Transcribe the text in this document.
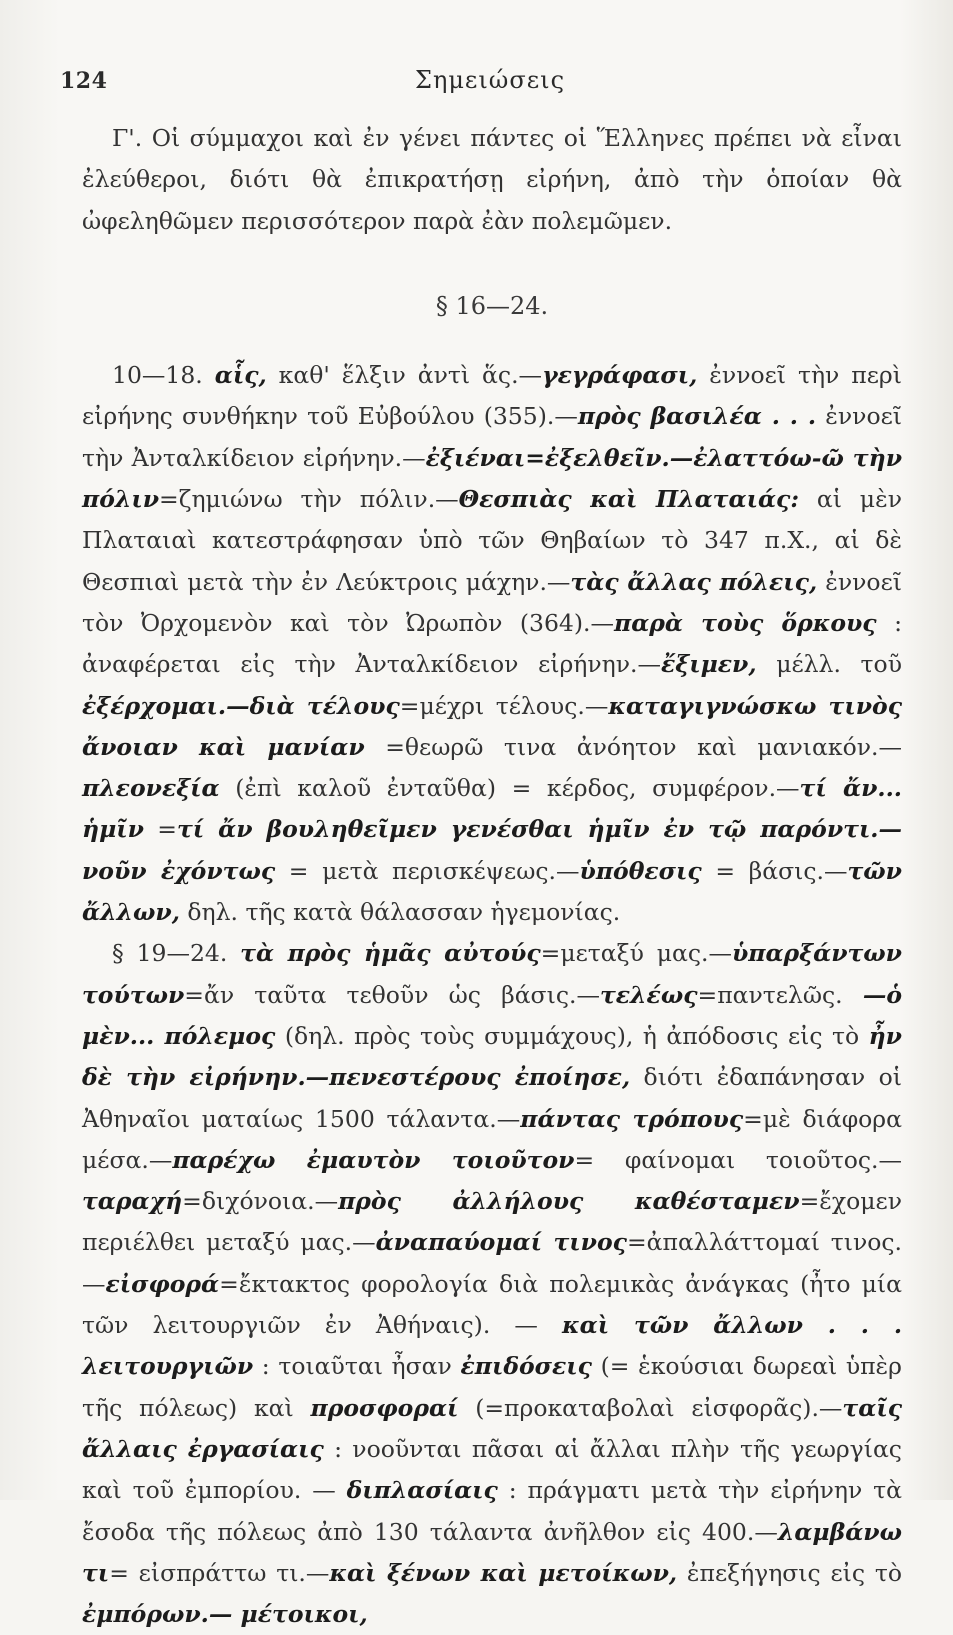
124	Σημειώσεις

Γ'. Οἱ σύμμαχοι καὶ ἐν γένει πάντες οἱ Ἕλληνες πρέπει νὰ εἶναι ἐλεύθεροι, διότι θὰ ἐπικρατήσῃ εἰρήνη, ἀπὸ τὴν ὁποίαν θὰ ὠφεληθῶμεν περισσότερον παρὰ ἐὰν πολεμῶμεν.

§ 16—24.

10—18. αἷς, καθ' ἕλξιν ἀντὶ ἅς.—γεγράφασι, ἐννοεῖ τὴν περὶ εἰρήνης συνθήκην τοῦ Εὐβούλου (355).—πρὸς βασιλέα . . . ἐννοεῖ τὴν Ἀνταλκίδειον εἰρήνην.—ἐξιέναι=ἐξελθεῖν.—ἐλαττόω-ῶ τὴν πόλιν=ζημιώνω τὴν πόλιν.—Θεσπιὰς καὶ Πλαταιάς: αἱ μὲν Πλαταιαὶ κατεστράφησαν ὑπὸ τῶν Θηβαίων τὸ 347 π.Χ., αἱ δὲ Θεσπιαὶ μετὰ τὴν ἐν Λεύκτροις μάχην.—τὰς ἄλλας πόλεις, ἐννοεῖ τὸν Ὀρχομενὸν καὶ τὸν Ὠρωπὸν (364).—παρὰ τοὺς ὅρκους : ἀναφέρεται εἰς τὴν Ἀνταλκίδειον εἰρήνην.—ἔξιμεν, μέλλ. τοῦ ἐξέρχομαι.—διὰ τέλους=μέχρι τέλους.—καταγιγνώσκω τινὸς ἄνοιαν καὶ μανίαν =θεωρῶ τινα ἀνόητον καὶ μανιακόν.—πλεονεξία (ἐπὶ καλοῦ ἐνταῦθα) = κέρδος, συμφέρον.—τί ἄν... ἡμῖν =τί ἄν βουληθεῖμεν γενέσθαι ἡμῖν ἐν τῷ παρόντι.—νοῦν ἐχόντως = μετὰ περισκέψεως.—ὑπόθεσις = βάσις.—τῶν ἄλλων, δηλ. τῆς κατὰ θάλασσαν ἡγεμονίας.

§ 19—24. τὰ πρὸς ἡμᾶς αὐτούς=μεταξύ μας.—ὑπαρξάντων τούτων=ἄν ταῦτα τεθοῦν ὡς βάσις.—τελέως=παντελῶς. —ὁ μὲν... πόλεμος (δηλ. πρὸς τοὺς συμμάχους), ἡ ἀπόδοσις εἰς τὸ ἦν δὲ τὴν εἰρήνην.—πενεστέρους ἐποίησε, διότι ἐδαπάνησαν οἱ Ἀθηναῖοι ματαίως 1500 τάλαντα.—πάντας τρόπους=μὲ διάφορα μέσα.—παρέχω ἐμαυτὸν τοιοῦτον= φαίνομαι τοιοῦτος.—ταραχή=διχόνοια.—πρὸς ἀλλήλους καθέσταμεν=ἔχομεν περιέλθει μεταξύ μας.—ἀναπαύομαί τινος=ἀπαλλάττομαί τινος.—εἰσφορά=ἔκτακτος φορολογία διὰ πολεμικὰς ἀνάγκας (ἦτο μία τῶν λειτουργιῶν ἐν Ἀθήναις). — καὶ τῶν ἄλλων . . . λειτουργιῶν : τοιαῦται ἦσαν ἐπιδόσεις (= ἑκούσιαι δωρεαὶ ὑπὲρ τῆς πόλεως) καὶ προσφοραί (=προκαταβολαὶ εἰσφορᾶς).—ταῖς ἄλλαις ἐργασίαις : νοοῦνται πᾶσαι αἱ ἄλλαι πλὴν τῆς γεωργίας καὶ τοῦ ἐμπορίου. — διπλασίαις : πράγματι μετὰ τὴν εἰρήνην τὰ ἔσοδα τῆς πόλεως ἀπὸ 130 τάλαντα ἀνῆλθον εἰς 400.—λαμβάνω τι= εἰσπράττω τι.—καὶ ξένων καὶ μετοίκων, ἐπεξήγησις εἰς τὸ ἐμπόρων.— μέτοικοι,
